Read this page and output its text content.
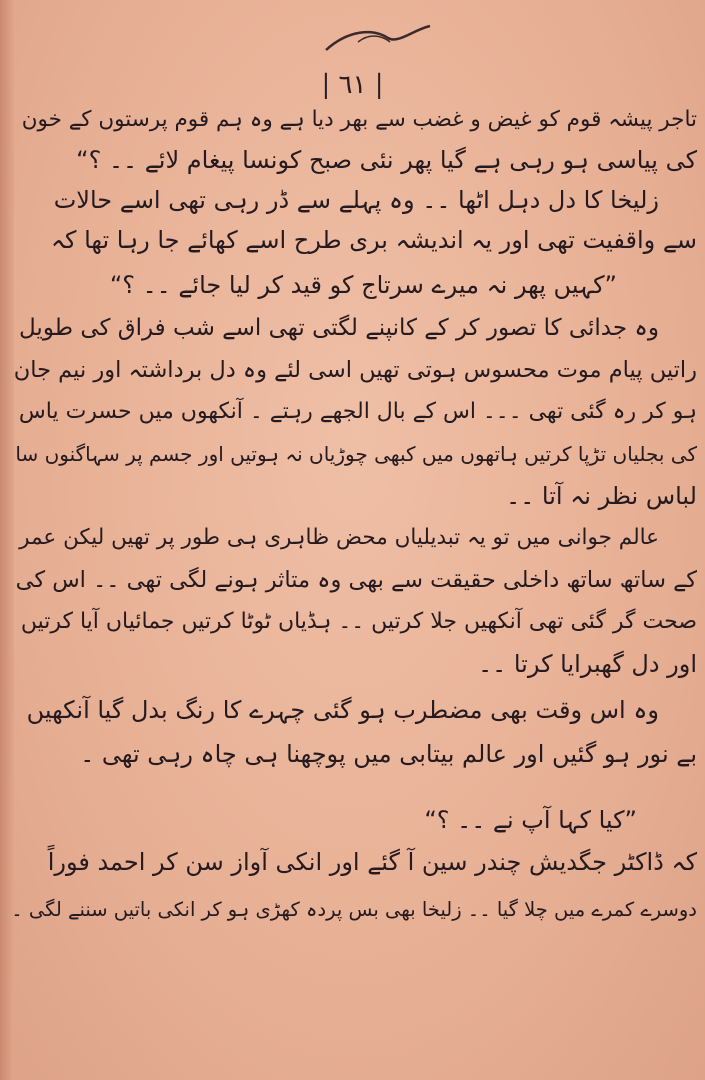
| ٦١ |
تاجر پیشہ قوم کو غیض و غضب سے بھر دیا ہے وہ ہم قوم پرستوں کے خون
کی پیاسی ہو رہی ہے گیا پھر نئی صبح کونسا پیغام لائے ۔۔ ؟“
زلیخا کا دل دہل اٹھا ۔۔ وہ پہلے سے ڈر رہی تھی اسے حالات
سے واقفیت تھی اور یہ اندیشہ بری طرح اسے کھائے جا رہا تھا کہ
”کہیں پھر نہ میرے سرتاج کو قید کر لیا جائے ۔۔ ؟“
وہ جدائی کا تصور کر کے کانپنے لگتی تھی اسے شب فراق کی طویل
راتیں پیام موت محسوس ہوتی تھیں اسی لئے وہ دل برداشتہ اور نیم جان
ہو کر رہ گئی تھی ۔۔۔ اس کے بال الجھے رہتے ۔ آنکھوں میں حسرت یاس
کی بجلیاں تڑپا کرتیں ہاتھوں میں کبھی چوڑیاں نہ ہوتیں اور جسم پر سہاگنوں سا
لباس نظر نہ آتا ۔۔
عالم جوانی میں تو یہ تبدیلیاں محض ظاہری ہی طور پر تھیں لیکن عمر
کے ساتھ ساتھ داخلی حقیقت سے بھی وہ متاثر ہونے لگی تھی ۔۔ اس کی
صحت گر گئی تھی آنکھیں جلا کرتیں ۔۔ ہڈیاں ٹوٹا کرتیں جمائیاں آیا کرتیں
اور دل گھبرایا کرتا ۔۔
وہ اس وقت بھی مضطرب ہو گئی چہرے کا رنگ بدل گیا آنکھیں
بے نور ہو گئیں اور عالم بیتابی میں پوچھنا ہی چاہ رہی تھی ۔
”کیا کہا آپ نے ۔۔ ؟“
کہ ڈاکٹر جگدیش چندر سین آ گئے اور انکی آواز سن کر احمد فوراً
دوسرے کمرے میں چلا گیا ۔۔ زلیخا بھی بس پردہ کھڑی ہو کر انکی باتیں سننے لگی ۔
